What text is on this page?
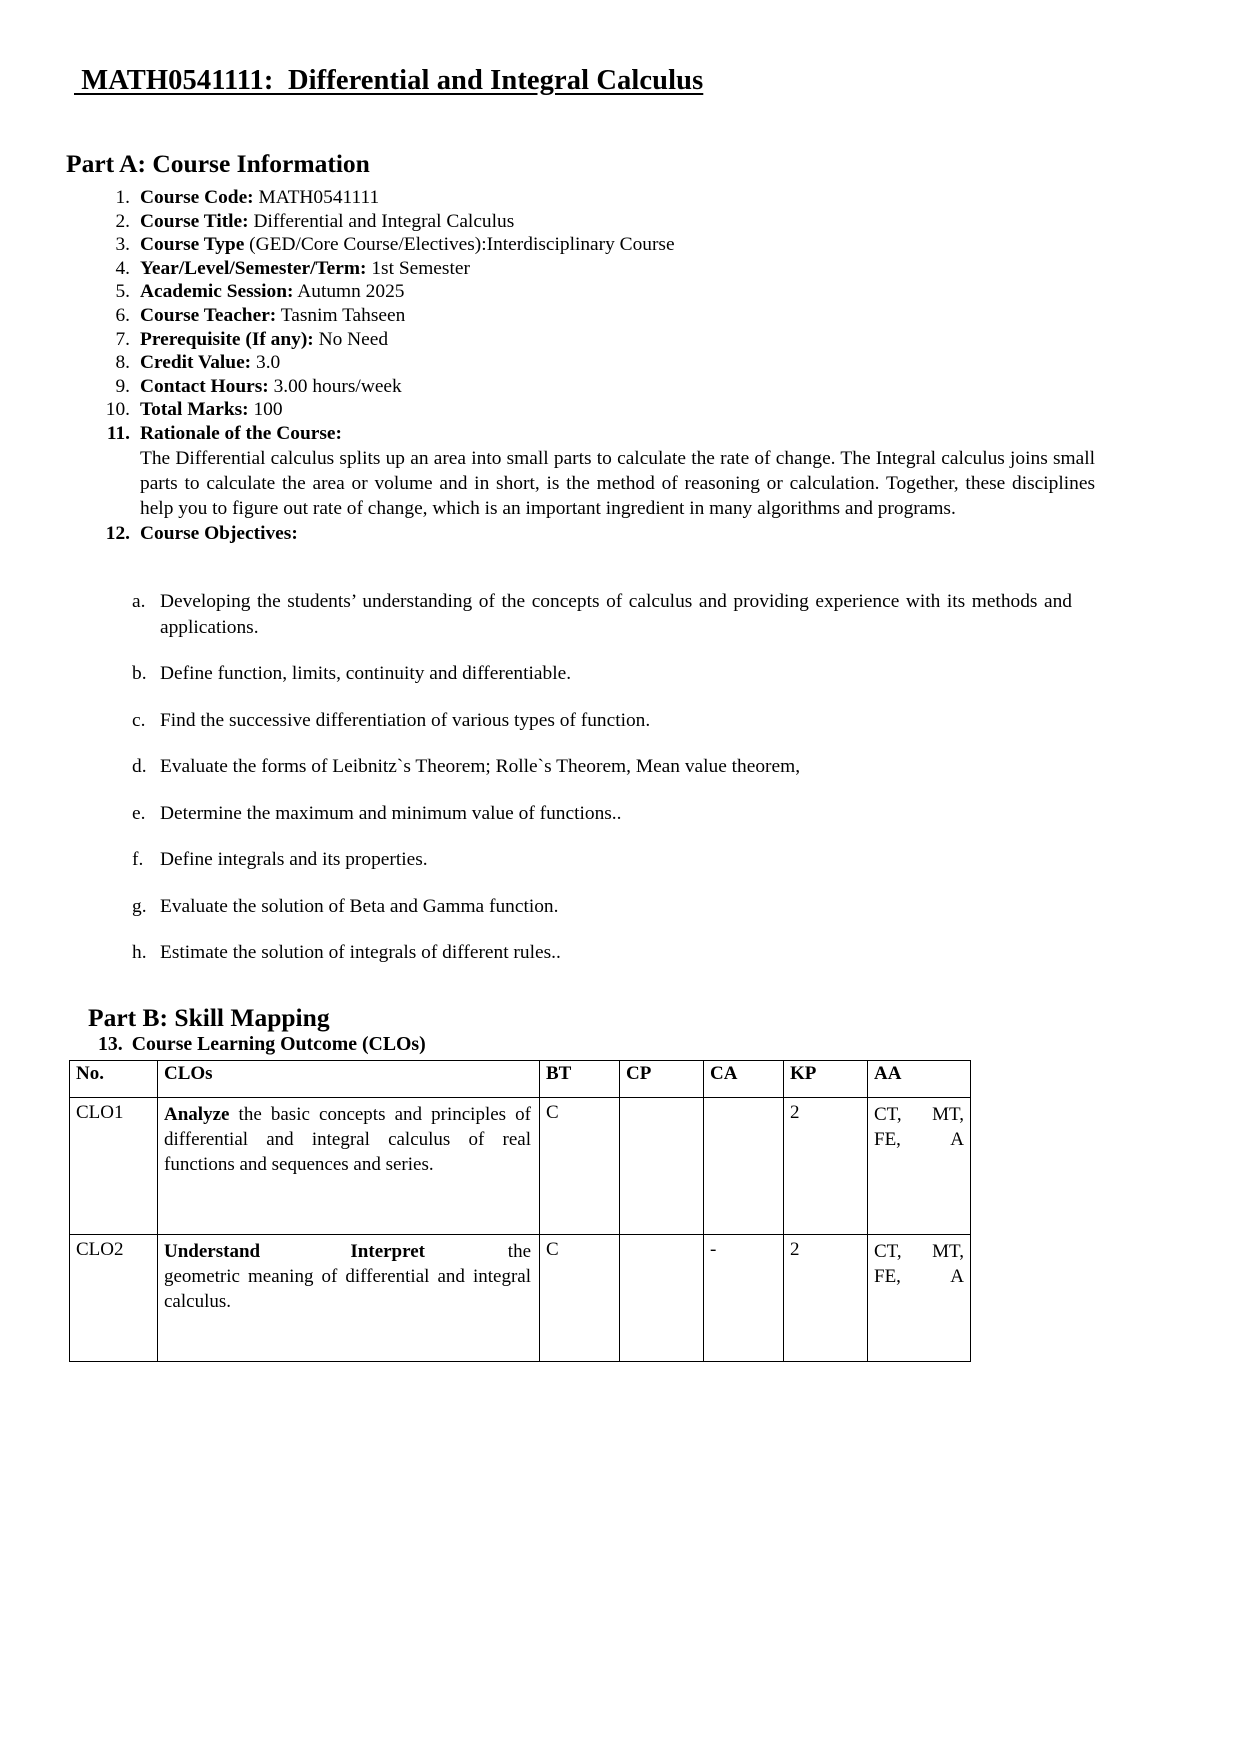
MATH0541111:  Differential and Integral Calculus
Part A: Course Information
1. Course Code: MATH0541111
2. Course Title: Differential and Integral Calculus
3. Course Type (GED/Core Course/Electives):Interdisciplinary Course
4. Year/Level/Semester/Term: 1st Semester
5. Academic Session: Autumn 2025
6. Course Teacher: Tasnim Tahseen
7. Prerequisite (If any): No Need
8. Credit Value: 3.0
9. Contact Hours: 3.00 hours/week
10. Total Marks: 100
11. Rationale of the Course:

The Differential calculus splits up an area into small parts to calculate the rate of change. The Integral calculus joins small parts to calculate the area or volume and in short, is the method of reasoning or calculation. Together, these disciplines help you to figure out rate of change, which is an important ingredient in many algorithms and programs.

12. Course Objectives:
a. Developing the students’ understanding of the concepts of calculus and providing experience with its methods and applications.
b. Define function, limits, continuity and differentiable.
c. Find the successive differentiation of various types of function.
d. Evaluate the forms of Leibnitz`s Theorem; Rolle`s Theorem, Mean value theorem,
e. Determine the maximum and minimum value of functions..
f. Define integrals and its properties.
g. Evaluate the solution of Beta and Gamma function.
h. Estimate the solution of integrals of different rules..
Part B: Skill Mapping
13. Course Learning Outcome (CLOs)
No.	CLOs	BT	CP	CA	KP	AA
CLO1	Analyze the basic concepts and principles of differential and integral calculus of real functions and sequences and series.	C			2	CT, MT, FE, A

CLO2	Understand Interpret the geometric meaning of differential and integral calculus.	C		-	2	CT, MT, FE, A
